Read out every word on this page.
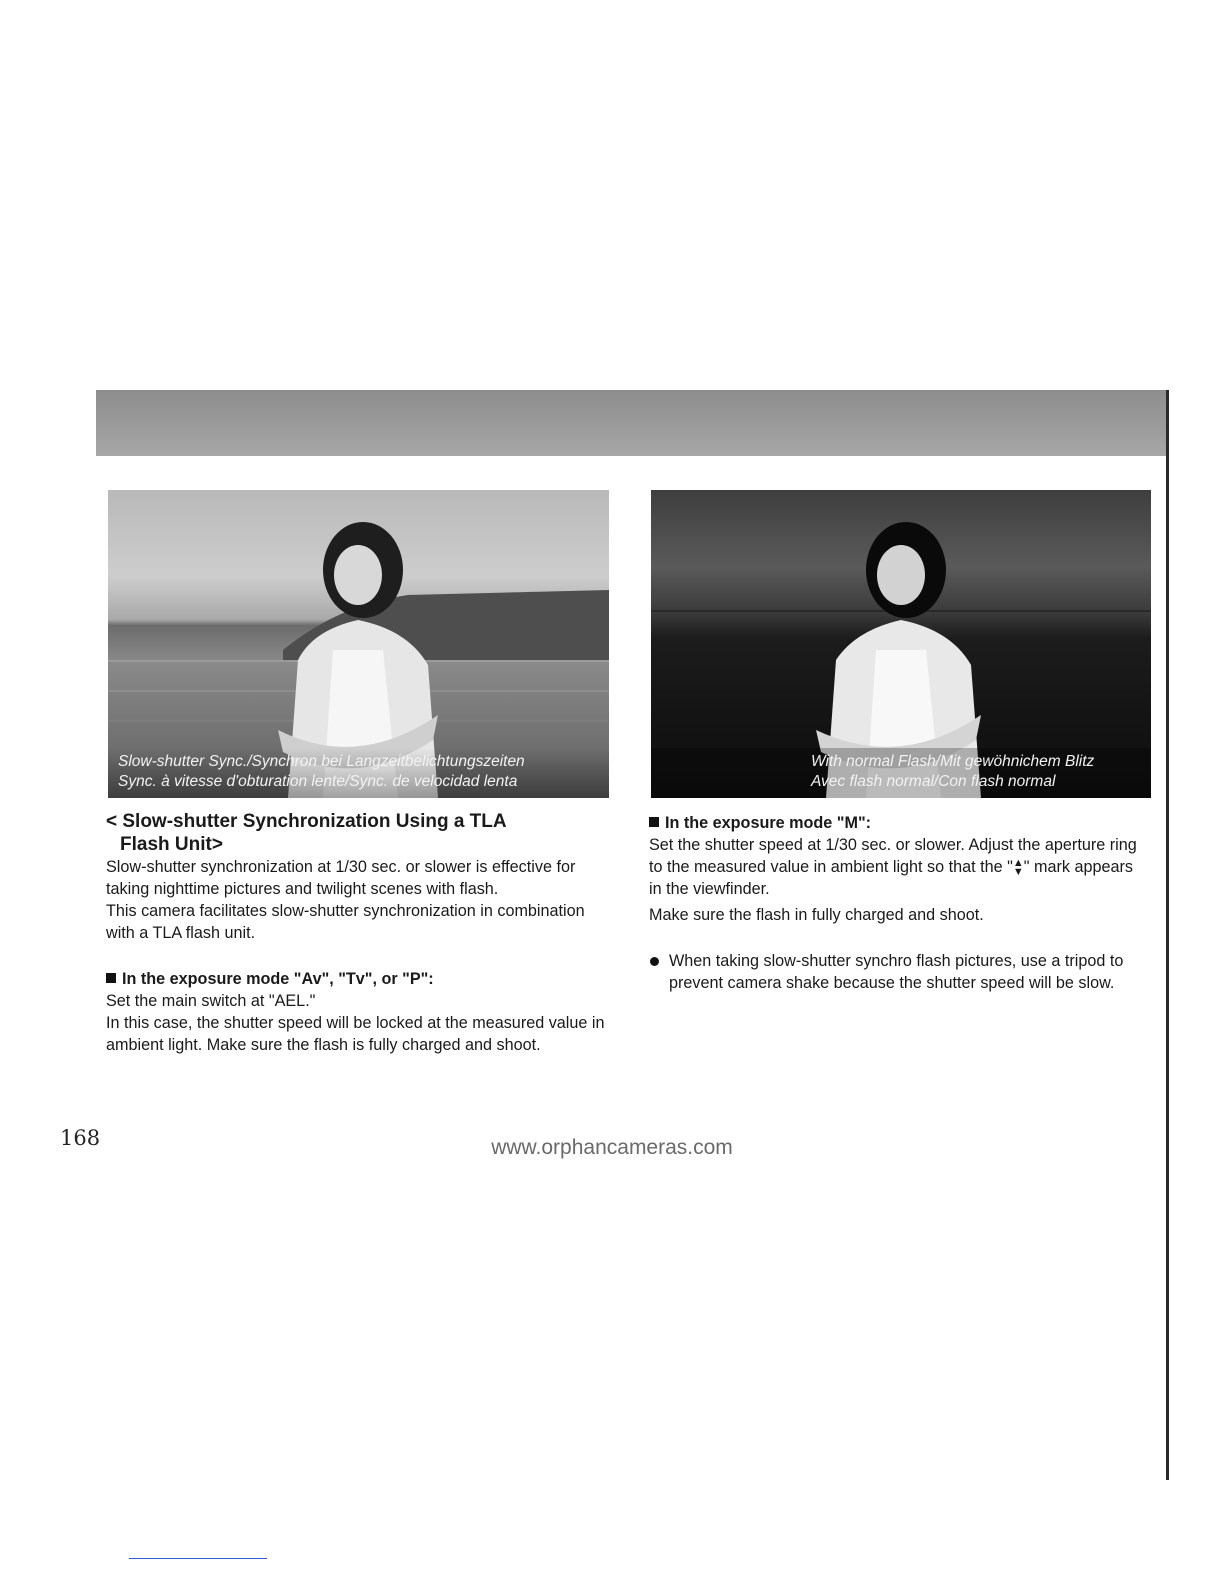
Slow-shutter Sync./Synchron bei Langzeitbelichtungszeiten
Sync. à vitesse d'obturation lente/Sync. de velocidad lenta
With normal Flash/Mit gewöhnichem Blitz
Avec flash normal/Con flash normal
< Slow-shutter Synchronization Using a TLA
Flash Unit>

Slow-shutter synchronization at 1/30 sec. or slower is effective for taking nighttime pictures and twilight scenes with flash.

This camera facilitates slow-shutter synchronization in combination with a TLA flash unit.

In the exposure mode "Av", "Tv", or "P":

Set the main switch at "AEL."

In this case, the shutter speed will be locked at the measured value in ambient light. Make sure the flash is fully charged and shoot.

In the exposure mode "M":

Set the shutter speed at 1/30 sec. or slower. Adjust the aperture ring to the measured value in ambient light so that the "▲
▼" mark appears in the viewfinder.

Make sure the flash in fully charged and shoot.

When taking slow-shutter synchro flash pictures, use a tripod to prevent camera shake because the shutter speed will be slow.
168	www.orphancameras.com
